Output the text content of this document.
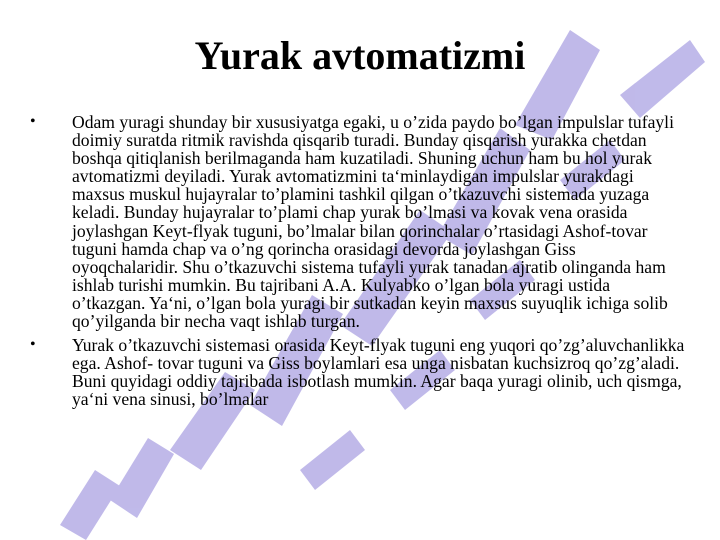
Yurak avtomatizmi
• Odam yuragi shunday bir xususiyatga egaki, u o’zida paydo bo’lgan impulslar tufayli doimiy suratda ritmik ravishda qisqarib turadi. Bunday qisqarish yurakka chetdan boshqa qitiqlanish berilmaganda ham kuzatiladi. Shuning uchun ham bu hol yurak avtomatizmi deyiladi. Yurak avtomatizmini ta‘minlaydigan impulslar yurakdagi maxsus muskul hujayralar to’plamini tashkil qilgan o’tkazuvchi sistemada yuzaga keladi. Bunday hujayralar to’plami chap yurak bo’lmasi va kovak vena orasida joylashgan Keyt-flyak tuguni, bo’lmalar bilan qorinchalar o’rtasidagi Ashof-tovar tuguni hamda chap va o’ng qorincha orasidagi devorda joylashgan Giss oyoqchalaridir. Shu o’tkazuvchi sistema tufayli yurak tanadan ajratib olinganda ham ishlab turishi mumkin. Bu tajribani A.A. Kulyabko o’lgan bola yuragi ustida o’tkazgan. Ya‘ni, o’lgan bola yuragi bir sutkadan keyin maxsus suyuqlik ichiga solib qo’yilganda bir necha vaqt ishlab turgan.
• Yurak o’tkazuvchi sistemasi orasida Keyt-flyak tuguni eng yuqori qo’zg’aluvchanlikka ega. Ashof- tovar tuguni va Giss boylamlari esa unga nisbatan kuchsizroq qo’zg’aladi. Buni quyidagi oddiy tajribada isbotlash mumkin. Agar baqa yuragi olinib, uch qismga, ya‘ni vena sinusi, bo’lmalar
